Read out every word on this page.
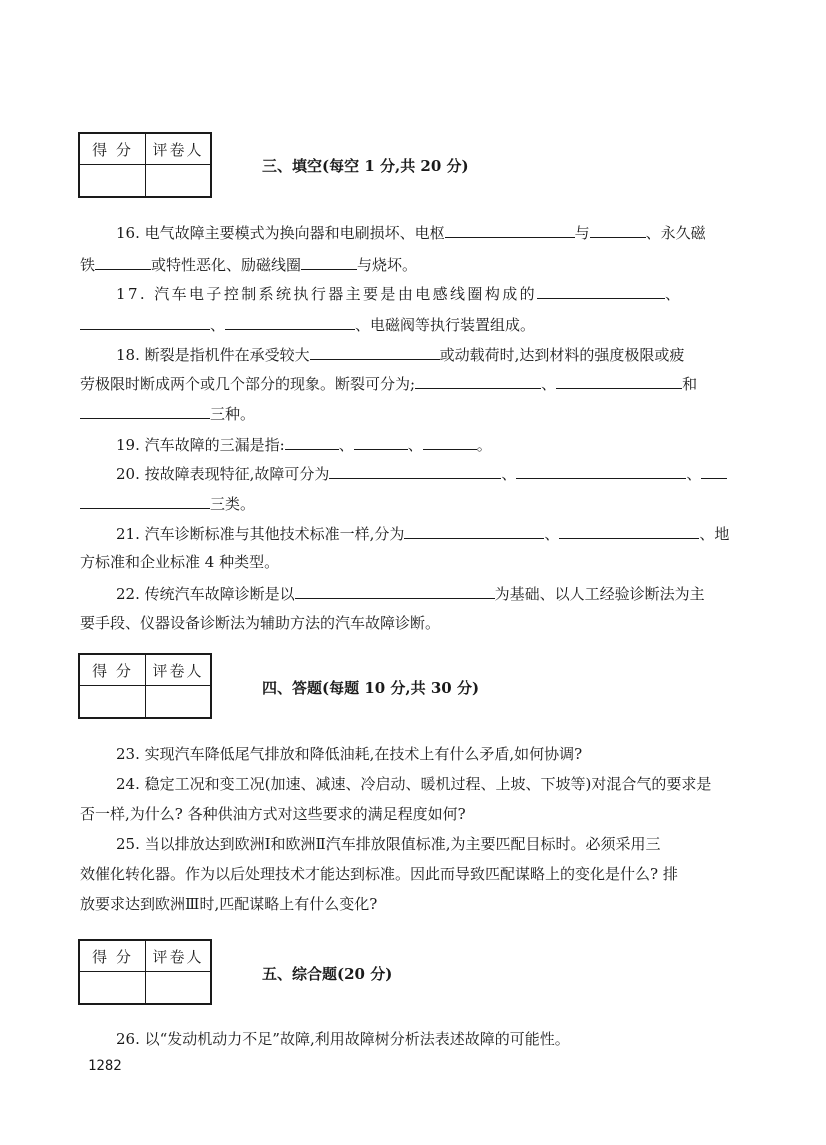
得 分	评卷人
三、填空(每空 1 分,共 20 分)
16. 电气故障主要模式为换向器和电刷损坏、电枢	与	、永久磁
铁	或特性恶化、励磁线圈	与烧坏。
17. 汽车电子控制系统执行器主要是由电感线圈构成的	、
、	、电磁阀等执行装置组成。
18. 断裂是指机件在承受较大	或动载荷时,达到材料的强度极限或疲
劳极限时断成两个或几个部分的现象。断裂可分为;	、	和
三种。
19. 汽车故障的三漏是指:	、	、	。
20. 按故障表现特征,故障可分为	、	、
三类。
21. 汽车诊断标准与其他技术标准一样,分为	、	、地
方标准和企业标准 4 种类型。
22. 传统汽车故障诊断是以	为基础、以人工经验诊断法为主
要手段、仪器设备诊断法为辅助方法的汽车故障诊断。
得 分	评卷人
四、答题(每题 10 分,共 30 分)
23. 实现汽车降低尾气排放和降低油耗,在技术上有什么矛盾,如何协调?
24. 稳定工况和变工况(加速、减速、冷启动、暖机过程、上坡、下坡等)对混合气的要求是
否一样,为什么? 各种供油方式对这些要求的满足程度如何?
25. 当以排放达到欧洲Ⅰ和欧洲Ⅱ汽车排放限值标准,为主要匹配目标时。必须采用三
效催化转化器。作为以后处理技术才能达到标准。因此而导致匹配谋略上的变化是什么? 排
放要求达到欧洲Ⅲ时,匹配谋略上有什么变化?
得 分	评卷人
五、综合题(20 分)
26. 以“发动机动力不足”故障,利用故障树分析法表述故障的可能性。
1282
